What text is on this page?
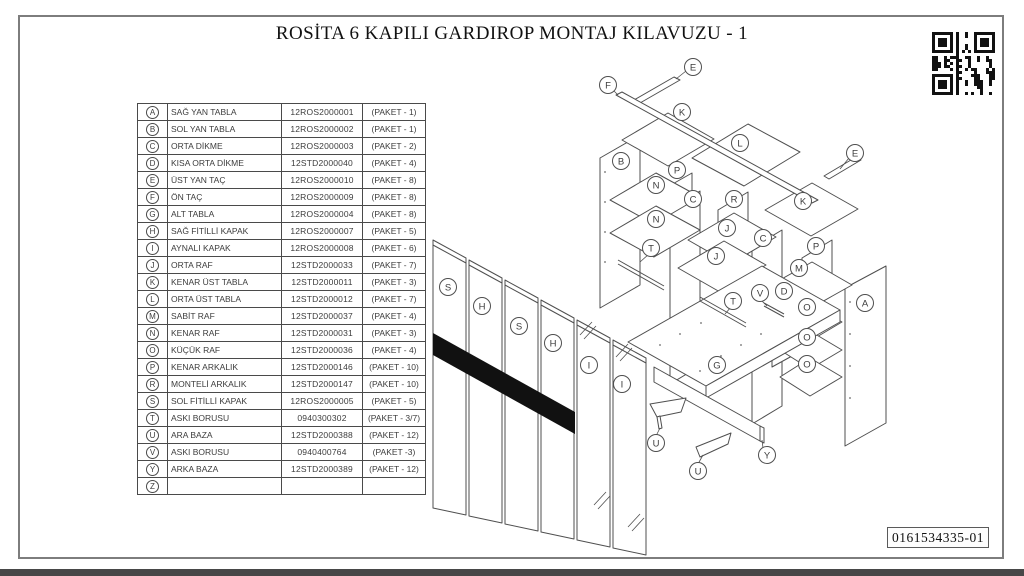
ROSİTA 6 KAPILI GARDIROP MONTAJ KILAVUZU - 1
A	SAĞ YAN TABLA	12ROS2000001	(PAKET - 1)
B	SOL YAN TABLA	12ROS2000002	(PAKET - 1)
C	ORTA DİKME	12ROS2000003	(PAKET - 2)
D	KISA ORTA DİKME	12STD2000040	(PAKET - 4)
E	ÜST YAN TAÇ	12ROS2000010	(PAKET - 8)
F	ÖN TAÇ	12ROS2000009	(PAKET - 8)
G	ALT TABLA	12ROS2000004	(PAKET - 8)
H	SAĞ FİTİLLİ KAPAK	12ROS2000007	(PAKET - 5)
I	AYNALI KAPAK	12ROS2000008	(PAKET - 6)
J	ORTA RAF	12STD2000033	(PAKET - 7)
K	KENAR ÜST TABLA	12STD2000011	(PAKET - 3)
L	ORTA ÜST TABLA	12STD2000012	(PAKET - 7)
M	SABİT RAF	12STD2000037	(PAKET - 4)
N	KENAR RAF	12STD2000031	(PAKET - 3)
O	KÜÇÜK RAF	12STD2000036	(PAKET - 4)
P	KENAR ARKALIK	12STD2000146	(PAKET - 10)
R	MONTELİ ARKALIK	12STD2000147	(PAKET - 10)
S	SOL FİTİLLİ KAPAK	12ROS2000005	(PAKET - 5)
T	ASKI BORUSU	0940300302	(PAKET - 3/7)
U	ARA BAZA	12STD2000388	(PAKET - 12)
V	ASKI BORUSU	0940400764	(PAKET -3)
Y	ARKA BAZA	12STD2000389	(PAKET - 12)
Z			
E
F
K
L
E
B
P
N
C	R	K
N
J
C
P
T
J
M
D
V
T	A
O
O
O
S
H
S
H
I
I
G
U
U
Y
0161534335-01
